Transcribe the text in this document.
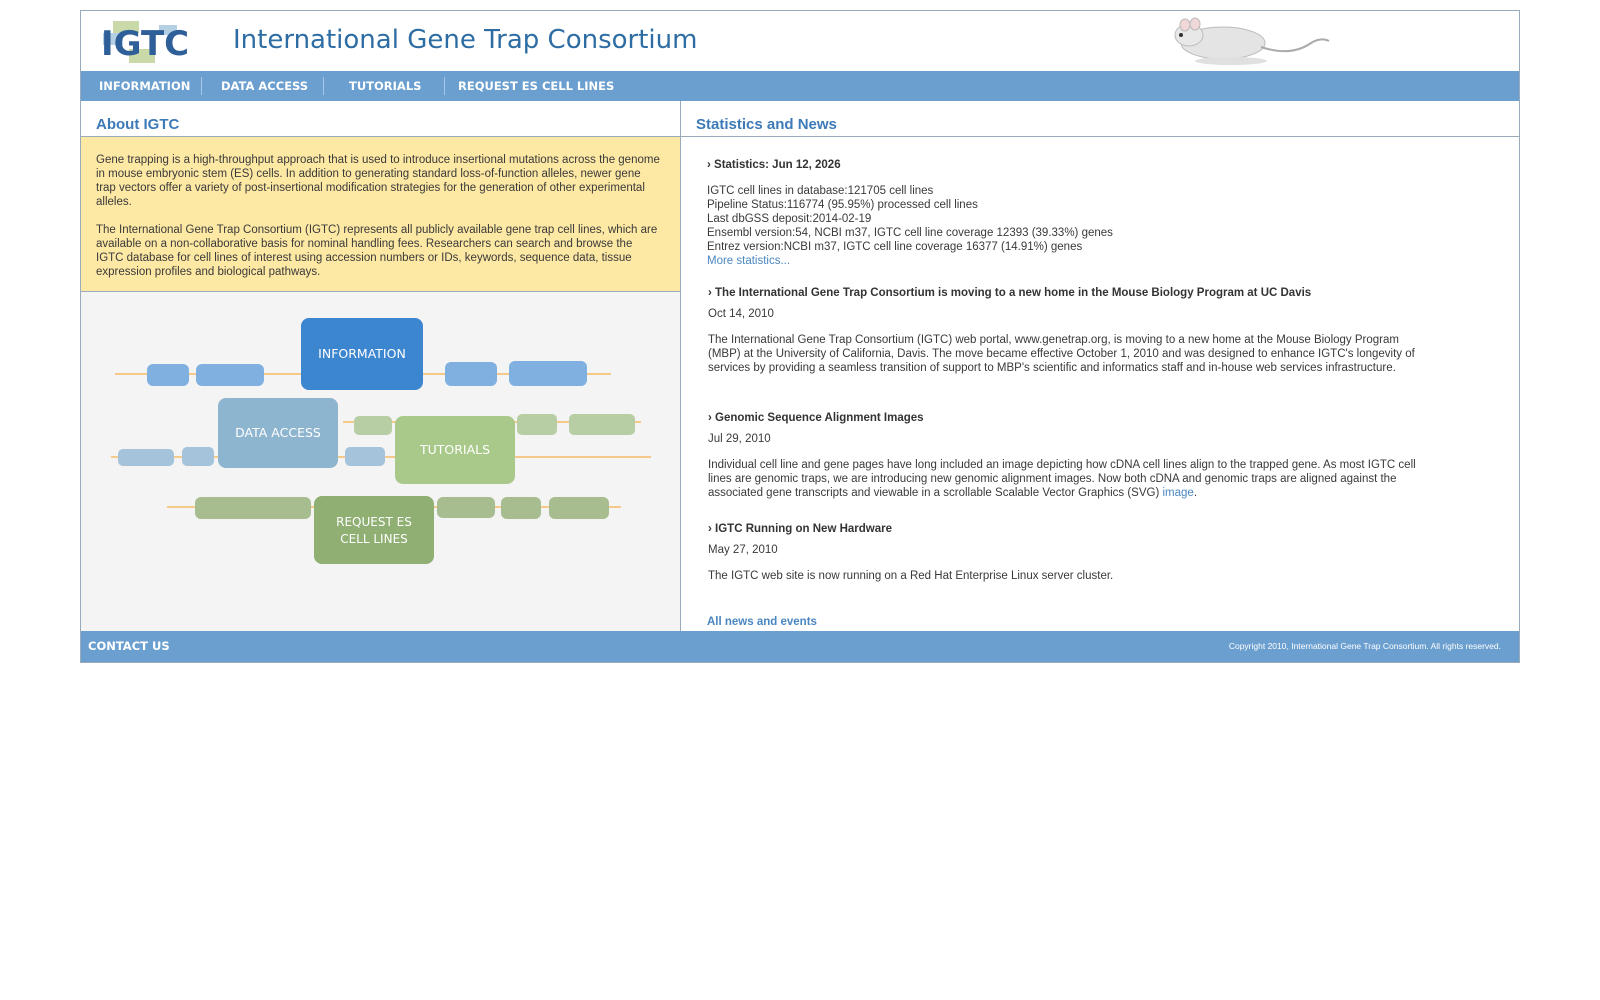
IGTC International Gene Trap Consortium
INFORMATION	DATA ACCESS	TUTORIALS	REQUEST ES CELL LINES
About IGTC

Gene trapping is a high-throughput approach that is used to introduce insertional mutations across the genome in mouse embryonic stem (ES) cells. In addition to generating standard loss-of-function alleles, newer gene trap vectors offer a variety of post-insertional modification strategies for the generation of other experimental alleles.

The International Gene Trap Consortium (IGTC) represents all publicly available gene trap cell lines, which are available on a non-collaborative basis for nominal handling fees. Researchers can search and browse the IGTC database for cell lines of interest using accession numbers or IDs, keywords, sequence data, tissue expression profiles and biological pathways.

INFORMATION
DATA ACCESS
TUTORIALS
REQUEST ES
CELL LINES
Statistics and News
› Statistics: Jun 12, 2026
IGTC cell lines in database:121705 cell lines
Pipeline Status:116774 (95.95%) processed cell lines
Last dbGSS deposit:2014-02-19
Ensembl version:54, NCBI m37, IGTC cell line coverage 12393 (39.33%) genes
Entrez version:NCBI m37, IGTC cell line coverage 16377 (14.91%) genes
More statistics...
› The International Gene Trap Consortium is moving to a new home in the Mouse Biology Program at UC Davis
Oct 14, 2010
The International Gene Trap Consortium (IGTC) web portal, www.genetrap.org, is moving to a new home at the Mouse Biology Program (MBP) at the University of California, Davis. The move became effective October 1, 2010 and was designed to enhance IGTC's longevity of services by providing a seamless transition of support to MBP's scientific and informatics staff and in-house web services infrastructure.
› Genomic Sequence Alignment Images
Jul 29, 2010
Individual cell line and gene pages have long included an image depicting how cDNA cell lines align to the trapped gene. As most IGTC cell lines are genomic traps, we are introducing new genomic alignment images. Now both cDNA and genomic traps are aligned against the associated gene transcripts and viewable in a scrollable Scalable Vector Graphics (SVG) image.
› IGTC Running on New Hardware
May 27, 2010
The IGTC web site is now running on a Red Hat Enterprise Linux server cluster.
All news and events
CONTACT US	Copyright 2010, International Gene Trap Consortium. All rights reserved.
